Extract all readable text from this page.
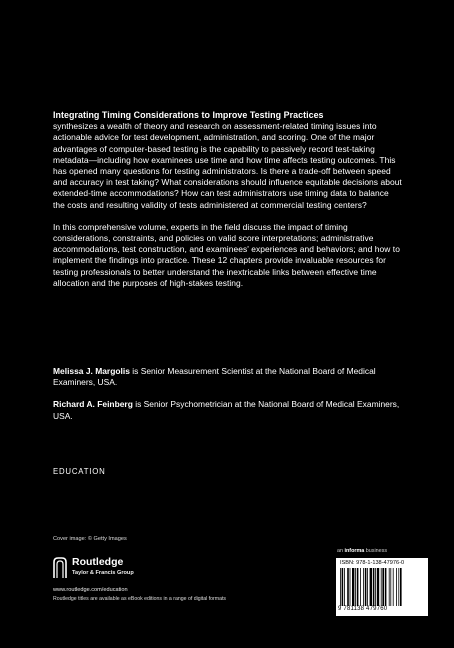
Integrating Timing Considerations to Improve Testing Practices
synthesizes a wealth of theory and research on assessment-related timing issues into actionable advice for test development, administration, and scoring. One of the major advantages of computer-based testing is the capability to passively record test-taking metadata—including how examinees use time and how time affects testing outcomes. This has opened many questions for testing administrators. Is there a trade-off between speed and accuracy in test taking? What considerations should influence equitable decisions about extended-time accommodations? How can test administrators use timing data to balance the costs and resulting validity of tests administered at commercial testing centers?

In this comprehensive volume, experts in the field discuss the impact of timing considerations, constraints, and policies on valid score interpretations; administrative accommodations, test construction, and examinees' experiences and behaviors; and how to implement the findings into practice. These 12 chapters provide invaluable resources for testing professionals to better understand the inextricable links between effective time allocation and the purposes of high-stakes testing.

Melissa J. Margolis is Senior Measurement Scientist at the National Board of Medical Examiners, USA.

Richard A. Feinberg is Senior Psychometrician at the National Board of Medical Examiners, USA.

EDUCATION
Cover image: © Getty Images
Routledge
Taylor & Francis Group
www.routledge.com/education
Routledge titles are available as eBook editions in a range of digital formats
an informa business
ISBN: 978-1-138-47976-0
9 781138 479760
